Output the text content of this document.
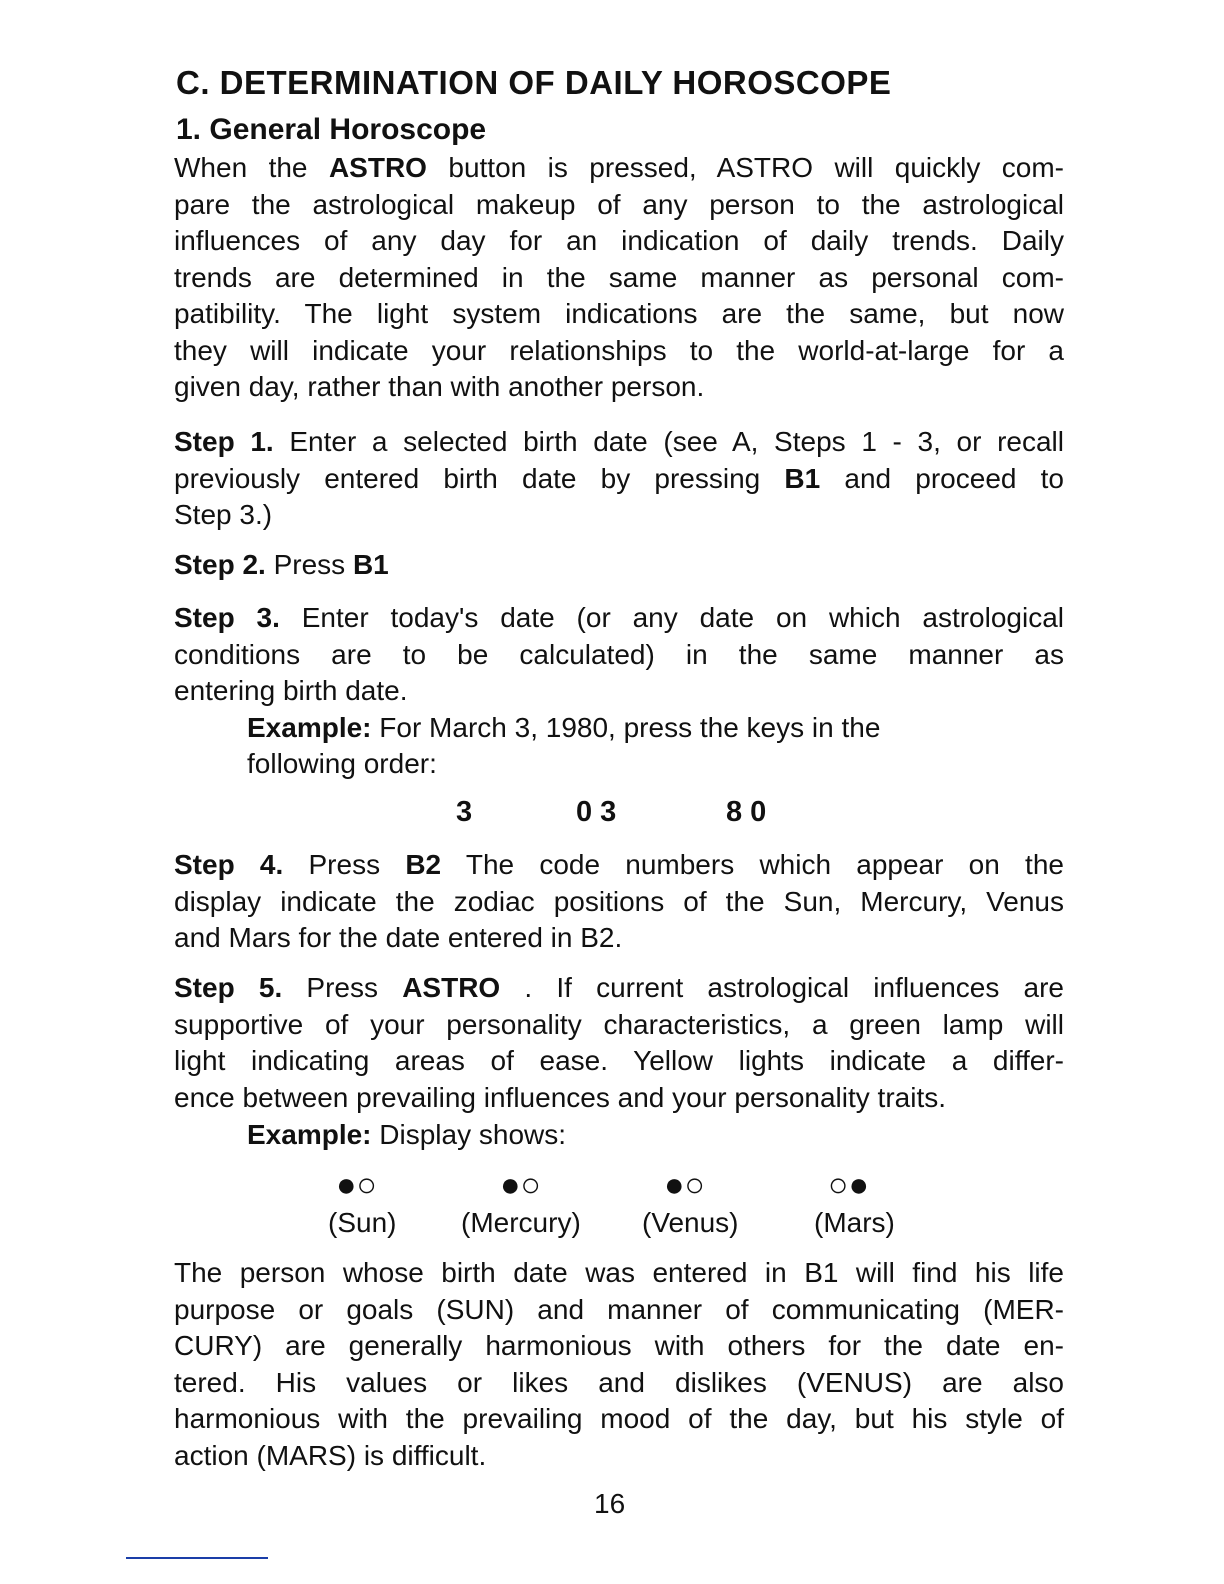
C. DETERMINATION OF DAILY HOROSCOPE
1. General Horoscope
When the ASTRO button is pressed, ASTRO will quickly com-
pare the astrological makeup of any person to the astrological
influences of any day for an indication of daily trends. Daily
trends are determined in the same manner as personal com-
patibility. The light system indications are the same, but now
they will indicate your relationships to the world-at-large for a
given day, rather than with another person.
Step 1. Enter a selected birth date (see A, Steps 1 - 3, or recall
previously entered birth date by pressing B1 and proceed to
Step 3.)
Step 2. Press B1
Step 3. Enter today's date (or any date on which astrological
conditions are to be calculated) in the same manner as
entering birth date.
Example: For March 3, 1980, press the keys in the
following order:
3	0 3	8 0
Step 4. Press B2 The code numbers which appear on the
display indicate the zodiac positions of the Sun, Mercury, Venus
and Mars for the date entered in B2.
Step 5. Press ASTRO . If current astrological influences are
supportive of your personality characteristics, a green lamp will
light indicating areas of ease. Yellow lights indicate a differ-
ence between prevailing influences and your personality traits.
Example: Display shows:
●○	●○	●○	○●
(Sun) (Mercury) (Venus)	(Mars)
The person whose birth date was entered in B1 will find his life
purpose or goals (SUN) and manner of communicating (MER-
CURY) are generally harmonious with others for the date en-
tered. His values or likes and dislikes (VENUS) are also
harmonious with the prevailing mood of the day, but his style of
action (MARS) is difficult.
16
